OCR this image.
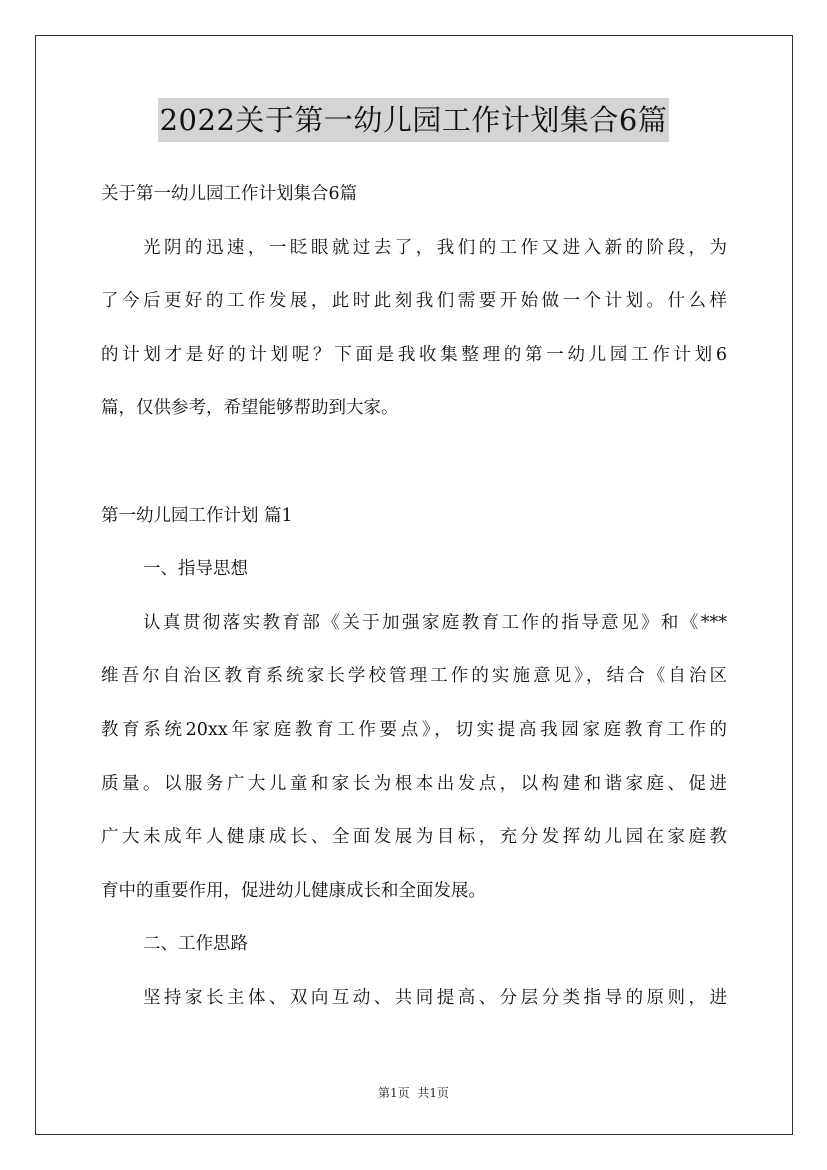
2022关于第一幼儿园工作计划集合6篇
关于第一幼儿园工作计划集合6篇
光阴的迅速，一眨眼就过去了，我们的工作又进入新的阶段，为
了今后更好的工作发展，此时此刻我们需要开始做一个计划。什么样
的计划才是好的计划呢？下面是我收集整理的第一幼儿园工作计划6
篇，仅供参考，希望能够帮助到大家。
第一幼儿园工作计划 篇1
一、指导思想
认真贯彻落实教育部《关于加强家庭教育工作的指导意见》和《***
维吾尔自治区教育系统家长学校管理工作的实施意见》，结合《自治区
教育系统20xx年家庭教育工作要点》，切实提高我园家庭教育工作的
质量。以服务广大儿童和家长为根本出发点，以构建和谐家庭、促进
广大未成年人健康成长、全面发展为目标，充分发挥幼儿园在家庭教
育中的重要作用，促进幼儿健康成长和全面发展。
二、工作思路
坚持家长主体、双向互动、共同提高、分层分类指导的原则，进
第1页 共1页
